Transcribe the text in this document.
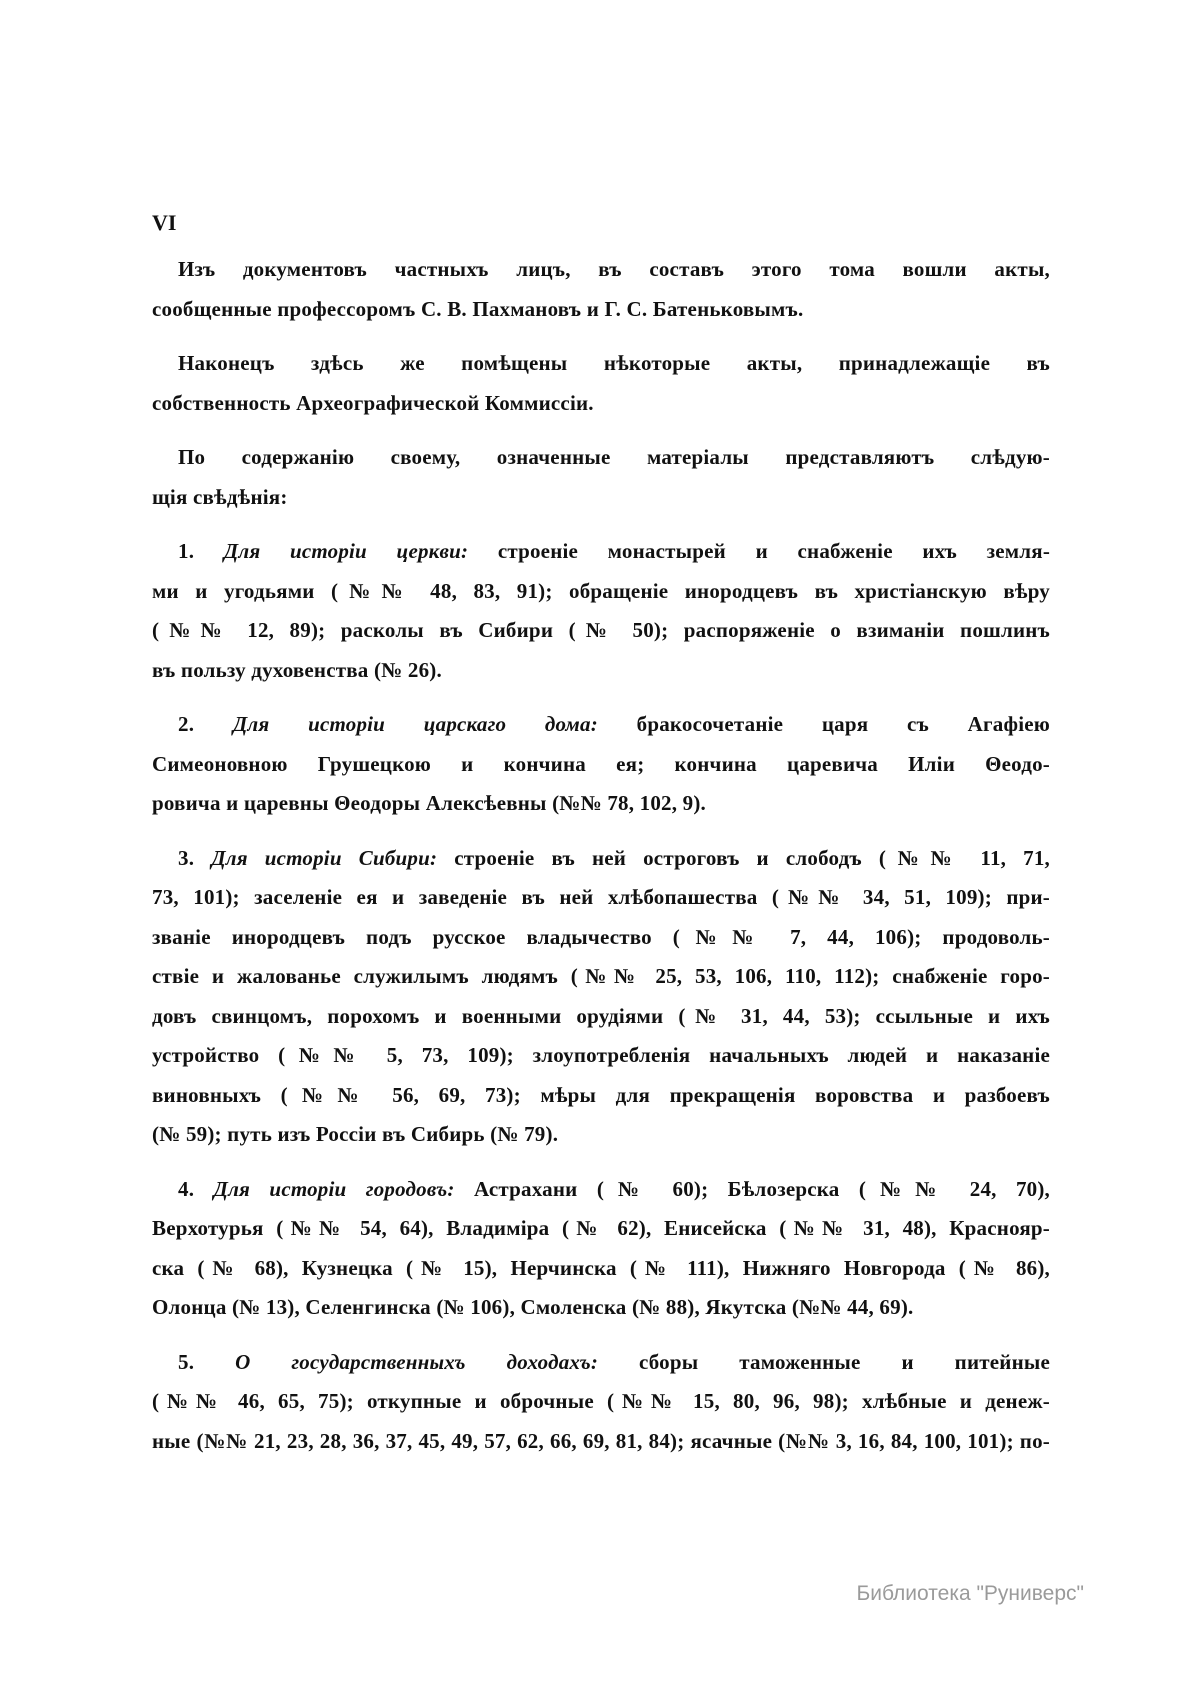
VI
Изъ документовъ частныхъ лицъ, въ составъ этого тома вошли акты,
сообщенные профессоромъ С. В. Пахмановъ и Г. С. Батеньковымъ.
Наконецъ здѣсь же помѣщены нѣкоторые акты, принадлежащіе въ
собственность Археографической Коммиссіи.
По содержанію своему, означенные матеріалы представляютъ слѣдую-
щія свѣдѣнія:
1. Для исторіи церкви: строеніе монастырей и снабженіе ихъ земля-
ми и угодьями (№№ 48, 83, 91); обращеніе инородцевъ въ христіанскую вѣру
(№№ 12, 89); расколы въ Сибири (№ 50); распоряженіе о взиманіи пошлинъ
въ пользу духовенства (№ 26).
2. Для исторіи царскаго дома: бракосочетаніе царя съ Агафіею
Симеоновною Грушецкою и кончина ея; кончина царевича Иліи Θеодо-
ровича и царевны Θеодоры Алексѣевны (№№ 78, 102, 9).
3. Для исторіи Сибири: строеніе въ ней остроговъ и слободъ (№№ 11, 71,
73, 101); заселеніе ея и заведеніе въ ней хлѣбопашества (№№ 34, 51, 109); при-
званіе инородцевъ подъ русское владычество (№№ 7, 44, 106); продоволь-
ствіе и жалованье служилымъ людямъ (№№ 25, 53, 106, 110, 112); снабженіе горо-
довъ свинцомъ, порохомъ и военными орудіями (№ 31, 44, 53); ссыльные и ихъ
устройство (№№ 5, 73, 109); злоупотребленія начальныхъ людей и наказаніе
виновныхъ (№№ 56, 69, 73); мѣры для прекращенія воровства и разбоевъ
(№ 59); путь изъ Россіи въ Сибирь (№ 79).
4. Для исторіи городовъ: Астрахани (№ 60); Бѣлозерска (№№ 24, 70),
Верхотурья (№№ 54, 64), Владиміра (№ 62), Енисейска (№№ 31, 48), Краснояр-
ска (№ 68), Кузнецка (№ 15), Нерчинска (№ 111), Нижняго Новгорода (№ 86),
Олонца (№ 13), Селенгинска (№ 106), Смоленска (№ 88), Якутска (№№ 44, 69).
5. О государственныхъ доходахъ: сборы таможенные и питейные
(№№ 46, 65, 75); откупные и оброчные (№№ 15, 80, 96, 98); хлѣбные и денеж-
ные (№№ 21, 23, 28, 36, 37, 45, 49, 57, 62, 66, 69, 81, 84); ясачные (№№ 3, 16, 84, 100, 101); по-
Библиотека "Руниверс"
